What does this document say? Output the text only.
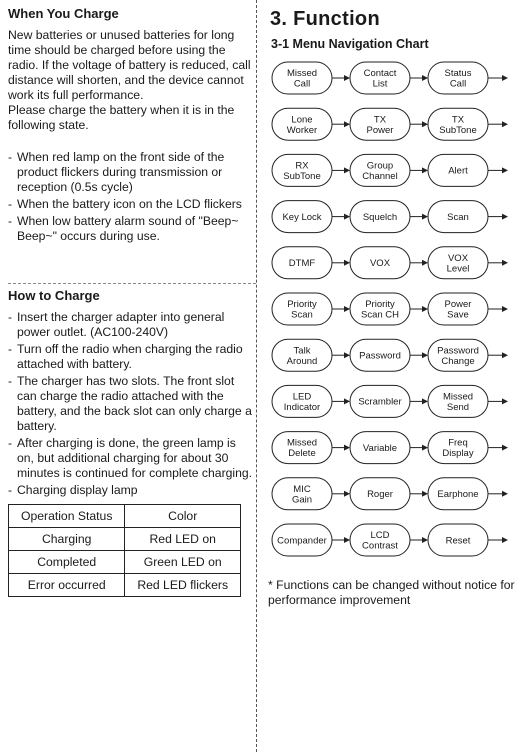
When You Charge

New batteries or unused batteries for long time should be charged before using the radio. If the voltage of battery is reduced, call distance will shorten, and the device cannot work its full performance.
Please charge the battery when it is in the following state.

- When red lamp on the front side of the product flickers during transmission or reception (0.5s cycle)
- When the battery icon on the LCD flickers
- When low battery alarm sound of "Beep~ Beep~" occurs during use.
How to Charge
- Insert the charger adapter into general power outlet. (AC100-240V)
- Turn off the radio when charging the radio attached with battery.
- The charger has two slots. The front slot can charge the radio attached with the battery, and the back slot can only charge a battery.
- After charging is done, the green lamp is on, but additional charging for about 30 minutes is continued for complete charging.
- Charging display lamp
Operation Status	Color
Charging	Red LED on
Completed	Green LED on
Error occurred	Red LED flickers
3. Function
3-1 Menu Navigation Chart
Missed Call
Contact List
Status Call
Lone Worker
TX Power
TX SubTone
RX SubTone
Group Channel	Alert
Key Lock	Squelch	Scan
DTMF	VOX	VOX Level
Priority Scan
Priority Scan CH
Power Save
Talk Around	Password	Password Change
LED Indicator	Scrambler	Missed Send
Missed Delete	Variable	Freq Display
MIC Gain	Roger	Earphone
Compander	LCD Contrast	Reset
* Functions can be changed without notice for performance improvement
